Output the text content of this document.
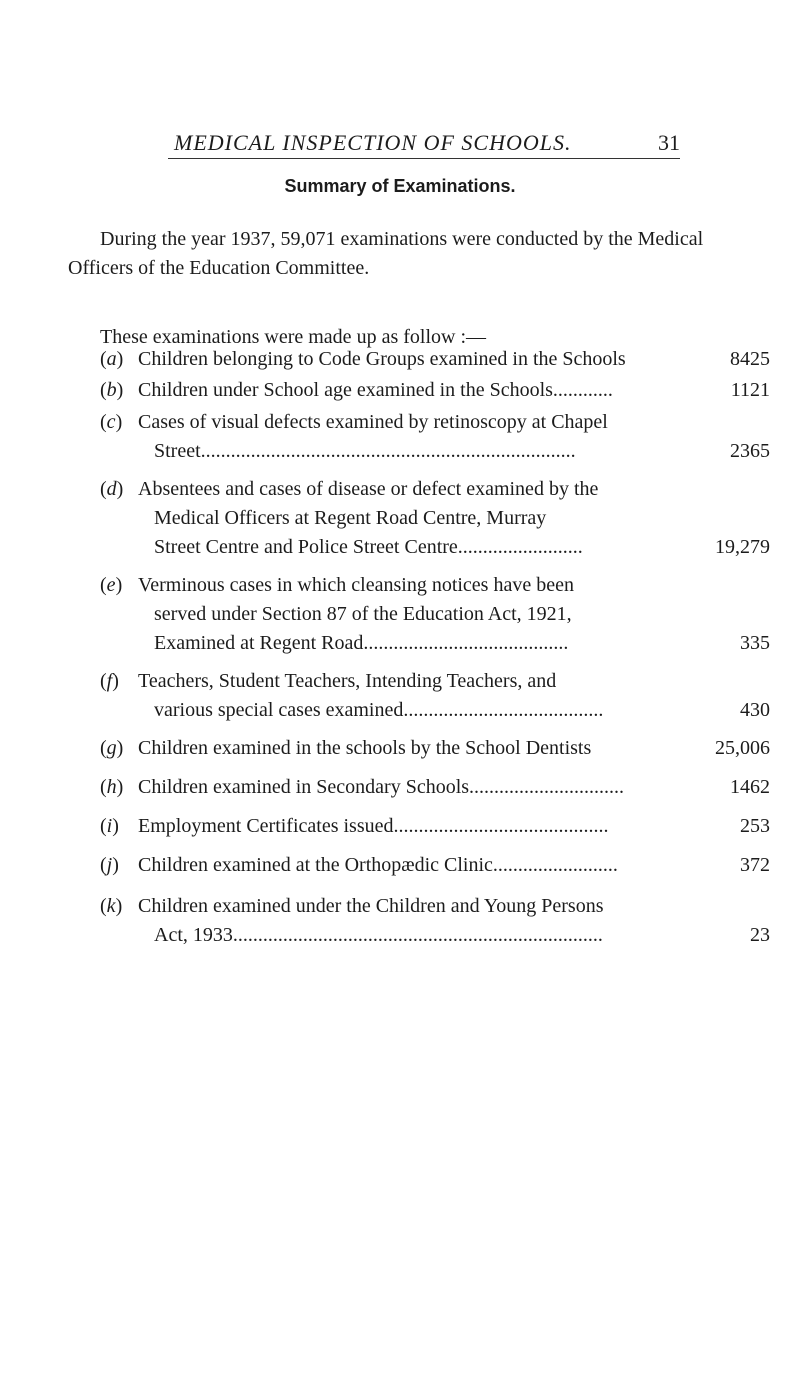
MEDICAL INSPECTION OF SCHOOLS.	31
Summary of Examinations.
During the year 1937, 59,071 examinations were conducted by the Medical Officers of the Education Committee.
These examinations were made up as follow :—
(a) Children belonging to Code Groups examined in the Schools	8425
(b) Children under School age examined in the Schools............	1121
(c) Cases of visual defects examined by retinoscopy at Chapel
Street...........................................................................	2365
(d) Absentees and cases of disease or defect examined by the
Medical Officers at Regent Road Centre, Murray
Street Centre and Police Street Centre.........................	19,279
(e) Verminous cases in which cleansing notices have been
served under Section 87 of the Education Act, 1921,
Examined at Regent Road.........................................	335
(f) Teachers, Student Teachers, Intending Teachers, and
various special cases examined........................................	430
(g) Children examined in the schools by the School Dentists	25,006
(h) Children examined in Secondary Schools...............................	1462
(i) Employment Certificates issued...........................................	253
(j) Children examined at the Orthopædic Clinic.........................	372
(k) Children examined under the Children and Young Persons
Act, 1933..........................................................................	23
